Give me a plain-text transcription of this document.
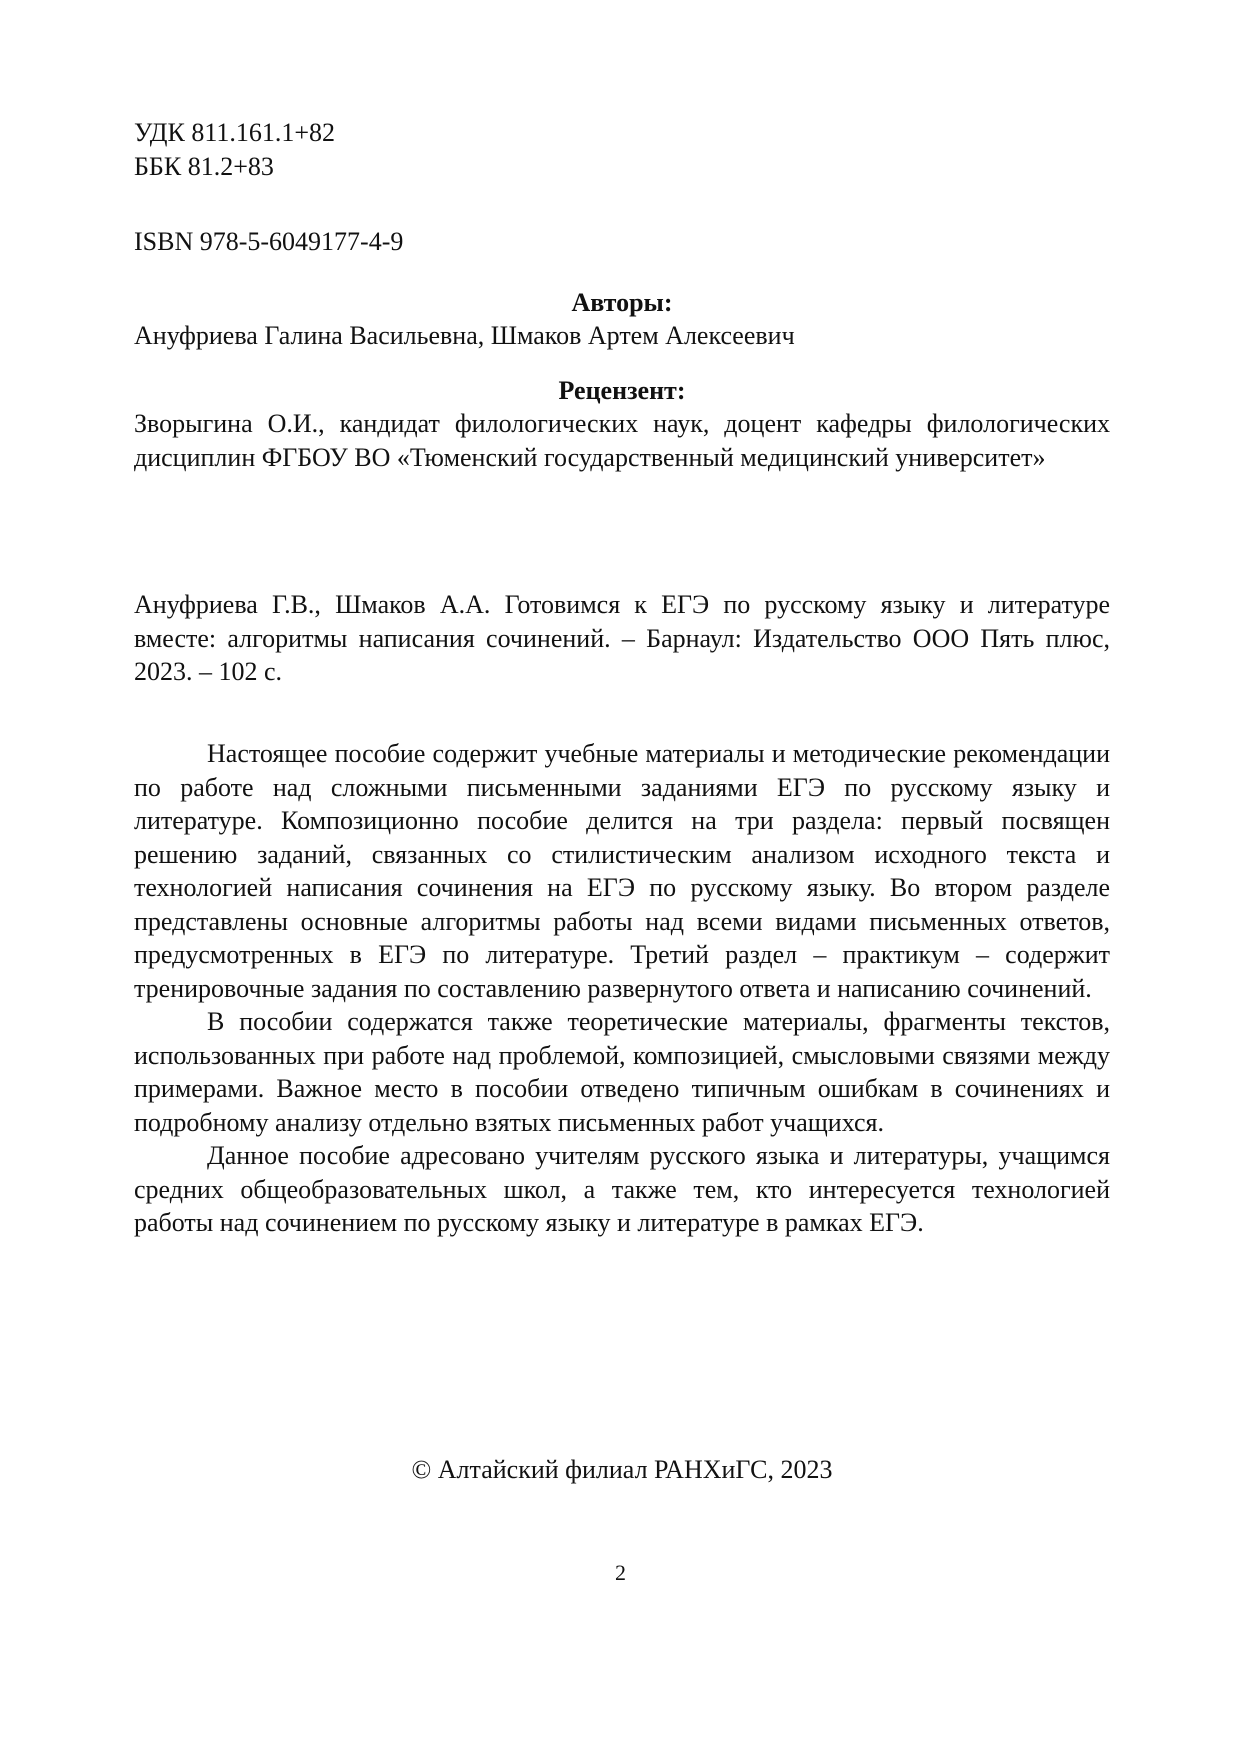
УДК 811.161.1+82
ББК 81.2+83
ISBN 978-5-6049177-4-9
Авторы:
Ануфриева Галина Васильевна, Шмаков Артем Алексеевич
Рецензент:
Зворыгина О.И., кандидат филологических наук, доцент кафедры филологических дисциплин ФГБОУ ВО «Тюменский государственный медицинский университет»
Ануфриева Г.В., Шмаков А.А. Готовимся к ЕГЭ по русскому языку и литературе вместе: алгоритмы написания сочинений. – Барнаул: Издательство ООО Пять плюс, 2023. – 102 с.

Настоящее пособие содержит учебные материалы и методические рекомендации по работе над сложными письменными заданиями ЕГЭ по русскому языку и литературе. Композиционно пособие делится на три раздела: первый посвящен решению заданий, связанных со стилистическим анализом исходного текста и технологией написания сочинения на ЕГЭ по русскому языку. Во втором разделе представлены основные алгоритмы работы над всеми видами письменных ответов, предусмотренных в ЕГЭ по литературе. Третий раздел – практикум – содержит тренировочные задания по составлению развернутого ответа и написанию сочинений.

В пособии содержатся также теоретические материалы, фрагменты текстов, использованных при работе над проблемой, композицией, смысловыми связями между примерами. Важное место в пособии отведено типичным ошибкам в сочинениях и подробному анализу отдельно взятых письменных работ учащихся.

Данное пособие адресовано учителям русского языка и литературы, учащимся средних общеобразовательных школ, а также тем, кто интересуется технологией работы над сочинением по русскому языку и литературе в рамках ЕГЭ.

© Алтайский филиал РАНХиГС, 2023
2
